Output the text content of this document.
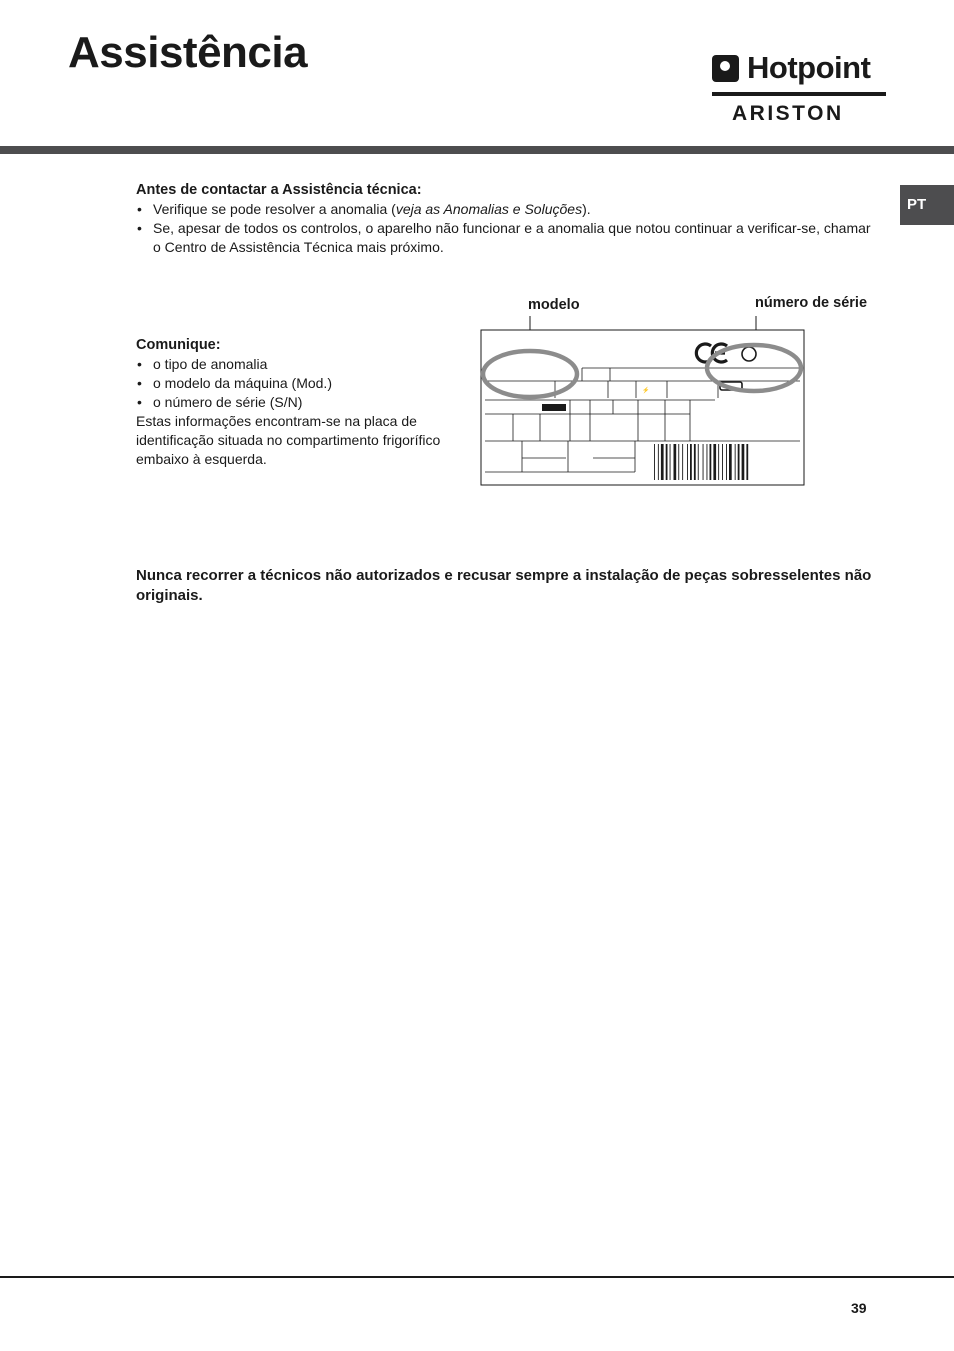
Assistência	Hotpoint
ARISTON
PT

Antes de contactar a Assistência técnica:

• Verifique se pode resolver a anomalia (veja as Anomalias e Soluções).
• Se, apesar de todos os controlos, o aparelho não funcionar e a anomalia que notou continuar a verificar-se, chamar o Centro de Assistência Técnica mais próximo.

Comunique:

• o tipo de anomalia
• o modelo da máquina (Mod.)
• o número de série (S/N)
Estas informações encontram-se na placa de identificação situada no compartimento frigorífico embaixo à esquerda.
modelo	número de série
⚡

Nunca recorrer a técnicos não autorizados e recusar sempre a instalação de peças sobresselentes não originais.

39
